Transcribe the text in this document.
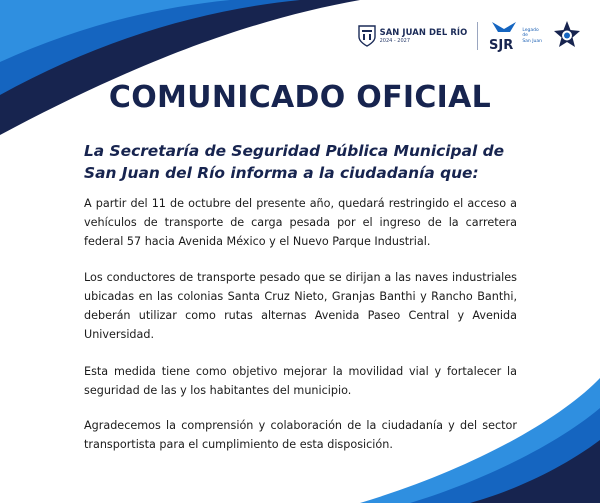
SAN JUAN DEL RÍO
2024 - 2027	SJR
Legado
de
San Juan
COMUNICADO OFICIAL
La Secretaría de Seguridad Pública Municipal de San Juan del Río informa a la ciudadanía que:

A partir del 11 de octubre del presente año, quedará restringido el acceso a vehículos de transporte de carga pesada por el ingreso de la carretera federal 57 hacia Avenida México y el Nuevo Parque Industrial.

Los conductores de transporte pesado que se dirijan a las naves industriales ubicadas en las colonias Santa Cruz Nieto, Granjas Banthi y Rancho Banthi, deberán utilizar como rutas alternas Avenida Paseo Central y Avenida Universidad.

Esta medida tiene como objetivo mejorar la movilidad vial y fortalecer la seguridad de las y los habitantes del municipio.

Agradecemos la comprensión y colaboración de la ciudadanía y del sector transportista para el cumplimiento de esta disposición.
